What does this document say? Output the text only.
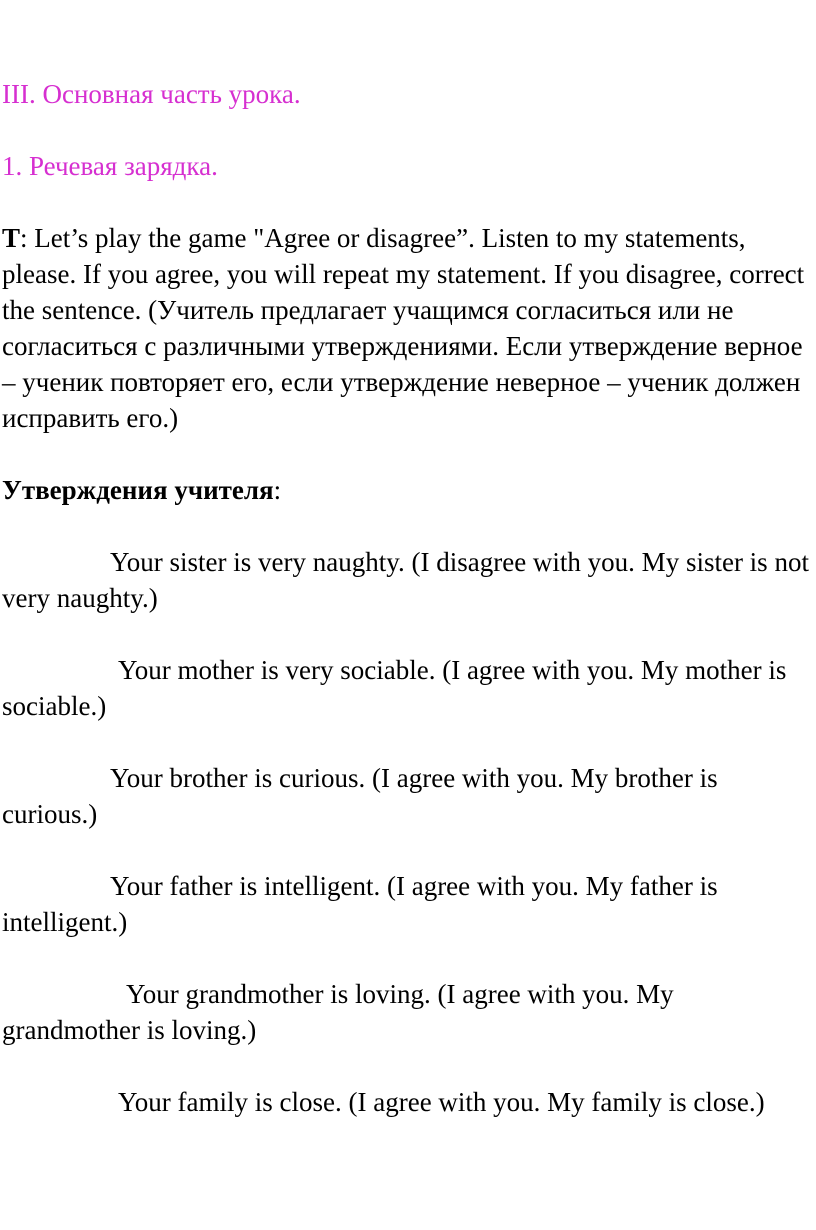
III. Основная часть урока.
1. Речевая зарядка.

T: Let’s play the game "Agree or disagree”. Listen to my statements, please. If you agree, you will repeat my statement. If you disagree, correct the sentence. (Учитель предлагает учащимся согласиться или не согласиться с различными утверждениями. Если утверждение верное – ученик повторяет его, если утверждение неверное – ученик должен исправить его.)

Утверждения учителя:

Your sister is very naughty. (I disagree with you. My sister is not very naughty.)

Your mother is very sociable. (I agree with you. My mother is sociable.)

Your brother is curious. (I agree with you. My brother is curious.)

Your father is intelligent. (I agree with you. My father is intelligent.)

Your grandmother is loving. (I agree with you. My grandmother is loving.)

Your family is close. (I agree with you. My family is close.)
